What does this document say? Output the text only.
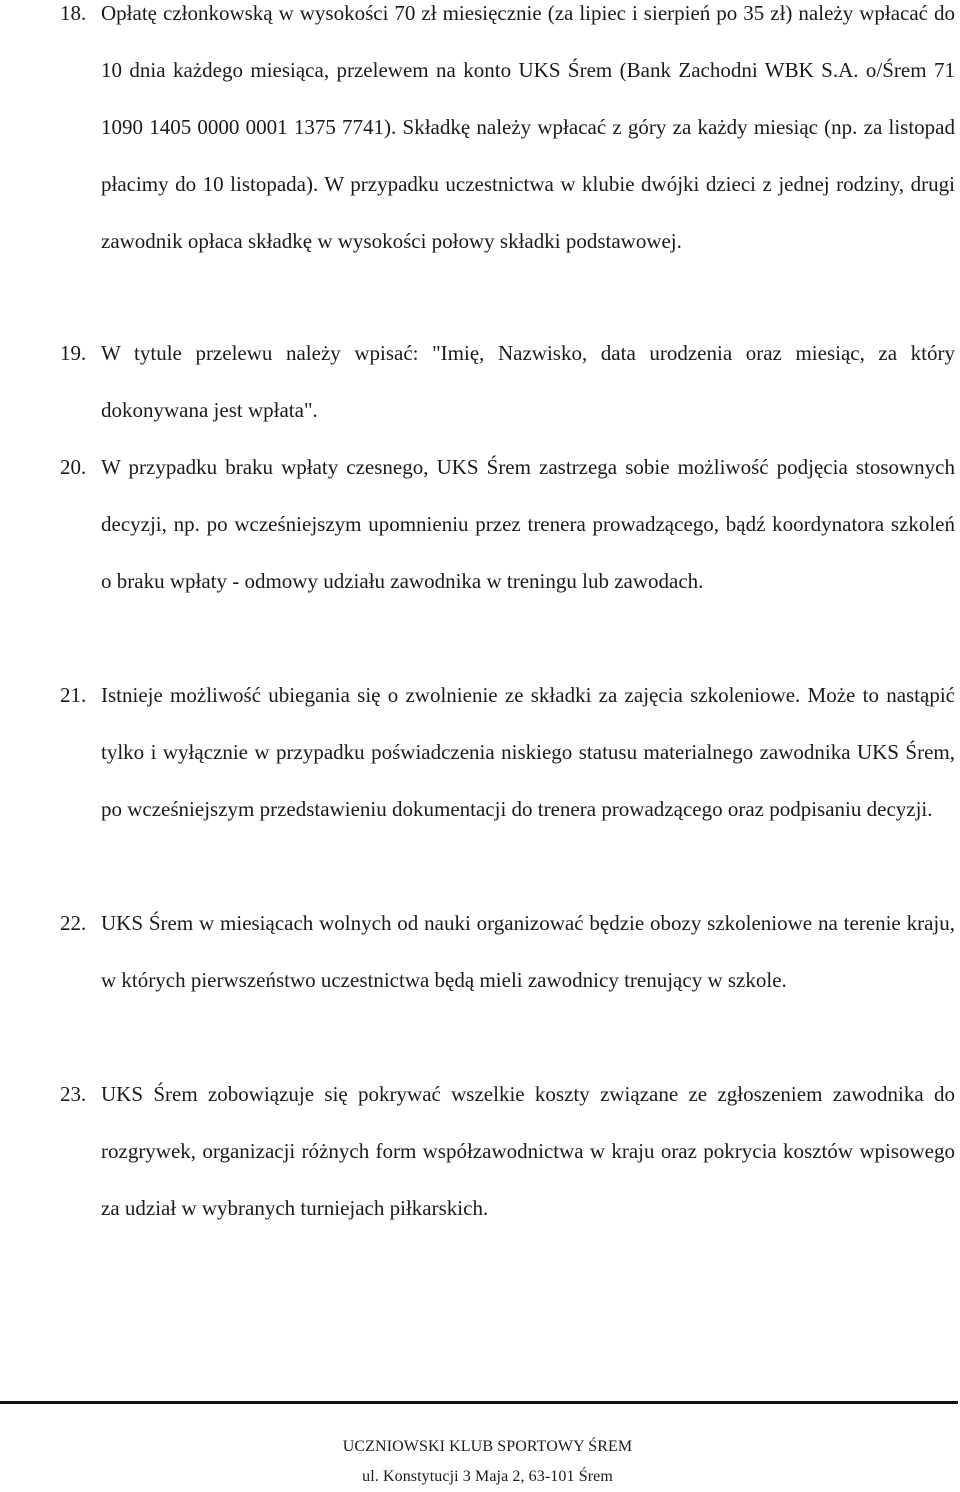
18. Opłatę członkowską w wysokości 70 zł miesięcznie (za lipiec i sierpień po 35 zł) należy wpłacać do 10 dnia każdego miesiąca, przelewem na konto UKS Śrem (Bank Zachodni WBK S.A. o/Śrem 71 1090 1405 0000 0001 1375 7741). Składkę należy wpłacać z góry za każdy miesiąc (np. za listopad płacimy do 10 listopada). W przypadku uczestnictwa w klubie dwójki dzieci z jednej rodziny, drugi zawodnik opłaca składkę w wysokości połowy składki podstawowej.
19. W tytule przelewu należy wpisać: "Imię, Nazwisko, data urodzenia oraz miesiąc, za który dokonywana jest wpłata".
20. W przypadku braku wpłaty czesnego, UKS Śrem zastrzega sobie możliwość podjęcia stosownych decyzji, np. po wcześniejszym upomnieniu przez trenera prowadzącego, bądź koordynatora szkoleń o braku wpłaty - odmowy udziału zawodnika w treningu lub zawodach.
21. Istnieje możliwość ubiegania się o zwolnienie ze składki za zajęcia szkoleniowe. Może to nastąpić tylko i wyłącznie w przypadku poświadczenia niskiego statusu materialnego zawodnika UKS Śrem, po wcześniejszym przedstawieniu dokumentacji do trenera prowadzącego oraz podpisaniu decyzji.
22. UKS Śrem w miesiącach wolnych od nauki organizować będzie obozy szkoleniowe na terenie kraju, w których pierwszeństwo uczestnictwa będą mieli zawodnicy trenujący w szkole.
23. UKS Śrem zobowiązuje się pokrywać wszelkie koszty związane ze zgłoszeniem zawodnika do rozgrywek, organizacji różnych form współzawodnictwa w kraju oraz pokrycia kosztów wpisowego za udział w wybranych turniejach piłkarskich.
UCZNIOWSKI KLUB SPORTOWY ŚREM
ul. Konstytucji 3 Maja 2, 63-101 Śrem
